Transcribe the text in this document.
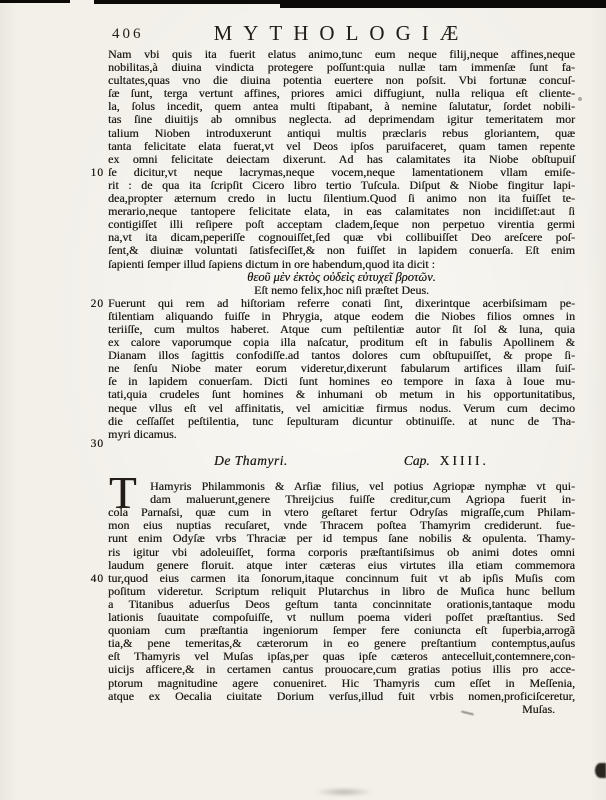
406	MYTHOLOGIÆ
T
Nam vbi quis ita fuerit elatus animo,tunc eum neque filij,neque affines,neque
nobilitas,à diuina vindicta protegere poſſunt:quia nullæ tam immenſæ ſunt fa-
cultates,quas vno die diuina potentia euertere non poſsit. Vbi fortunæ concuſ-
ſæ ſunt, terga vertunt affines, priores amici diffugiunt, nulla reliqua eſt cliente-
la, ſolus incedit, quem antea multi ſtipabant, à nemine ſalutatur, ſordet nobili-
tas ſine diuitijs ab omnibus neglecta. ad deprimendam igitur temeritatem mor
talium Nioben introduxerunt antiqui multis præclaris rebus gloriantem, quæ
tanta felicitate elata fuerat,vt vel Deos ipſos paruifaceret, quam tamen repente
ex omni felicitate deiectam dixerunt. Ad has calamitates ita Niobe obſtupuiſ
ſe dicitur,vt neque lacrymas,neque vocem,neque lamentationem vllam emiſe-
10
rit : de qua ita ſcripſit Cicero libro tertio Tuſcula. Diſput & Niobe fingitur lapi-
dea,propter æternum credo in luctu ſilentium.Quod ſi animo non ita fuiſſet te-
merario,neque tantopere felicitate elata, in eas calamitates non incidiſſet:aut ſi
contigiſſet illi reſipere poſt acceptam cladem,ſeque non perpetuo virentia germi
na,vt ita dicam,peperiſſe cognouiſſet,ſed quæ vbi collibuiſſet Deo areſcere poſ-
ſent,& diuinæ voluntati ſatisfeciſſet,& non fuiſſet in lapidem conuerſa. Eſt enim
ſapienti ſemper illud ſapiens dictum in ore habendum,quod ita dicit :
θεοῦ μὲν ἐκτὸς οὐδεὶς εὐτυχεῖ βροτῶν.
Eſt nemo felix,hoc niſi præſtet Deus.
Fuerunt qui rem ad hiſtoriam referre conati ſint, dixerintque acerbiſsimam pe-
20
ſtilentiam aliquando fuiſſe in Phrygia, atque eodem die Niobes filios omnes in
teriiſſe, cum multos haberet. Atque cum peſtilentiæ autor ſit ſol & luna, quia
ex calore vaporumque copia illa naſcatur, proditum eſt in fabulis Apollinem &
Dianam illos ſagittis confodiſſe.ad tantos dolores cum obſtupuiſſet, & prope ſi-
ne ſenſu Niobe mater eorum videretur,dixerunt fabularum artifices illam ſuiſ-
ſe in lapidem conuerſam. Dicti ſunt homines eo tempore in ſaxa à Ioue mu-
tati,quia crudeles ſunt homines & inhumani ob metum in his opportunitatibus,
neque vllus eſt vel affinitatis, vel amicitiæ firmus nodus. Verum cum decimo
die ceſſaſſet peſtilentia, tunc ſepulturam dicuntur obtinuiſſe. at nunc de Tha-
myri dicamus.
30
De Thamyri.	Cap. XIIII.
Hamyris Philammonis & Arſiæ filius, vel potius Agriopæ nymphæ vt qui-
dam maluerunt,genere Threijcius fuiſſe creditur,cum Agriopa fuerit in-
cola Parnaſsi, quæ cum in vtero geſtaret fertur Odryſas migraſſe,cum Philam-
mon eius nuptias recuſaret, vnde Thracem poſtea Thamyrim crediderunt. fue-
runt enim Odyſæ vrbs Thraciæ per id tempus ſane nobilis & opulenta. Thamy-
ris igitur vbi adoleuiſſet, forma corporis præſtantiſsimus ob animi dotes omni
laudum genere floruit. atque inter cæteras eius virtutes illa etiam commemora
tur,quod eius carmen ita ſonorum,itaque concinnum fuit vt ab ipſis Muſis com
40
poſitum videretur. Scriptum reliquit Plutarchus in libro de Muſica hunc bellum
a Titanibus aduerſus Deos geſtum tanta concinnitate orationis,tantaque modu
lationis ſuauitate compoſuiſſe, vt nullum poema videri poſſet præſtantius. Sed
quoniam cum præſtantia ingeniorum ſemper fere coniuncta eſt ſuperbia,arrogã
tia,& pene temeritas,& cæterorum in eo genere preſtantium contemptus,auſus
eſt Thamyris vel Muſas ipſas,per quas ipſe cæteros antecelluit,contemnere,con-
uicijs afficere,& in certamen cantus prouocare,cum gratias potius illis pro acce-
ptorum magnitudine agere conueniret. Hic Thamyris cum eſſet in Meſſenia,
atque ex Oecalia ciuitate Dorium verſus,illud fuit vrbis nomen,proficiſceretur,
Muſas.
